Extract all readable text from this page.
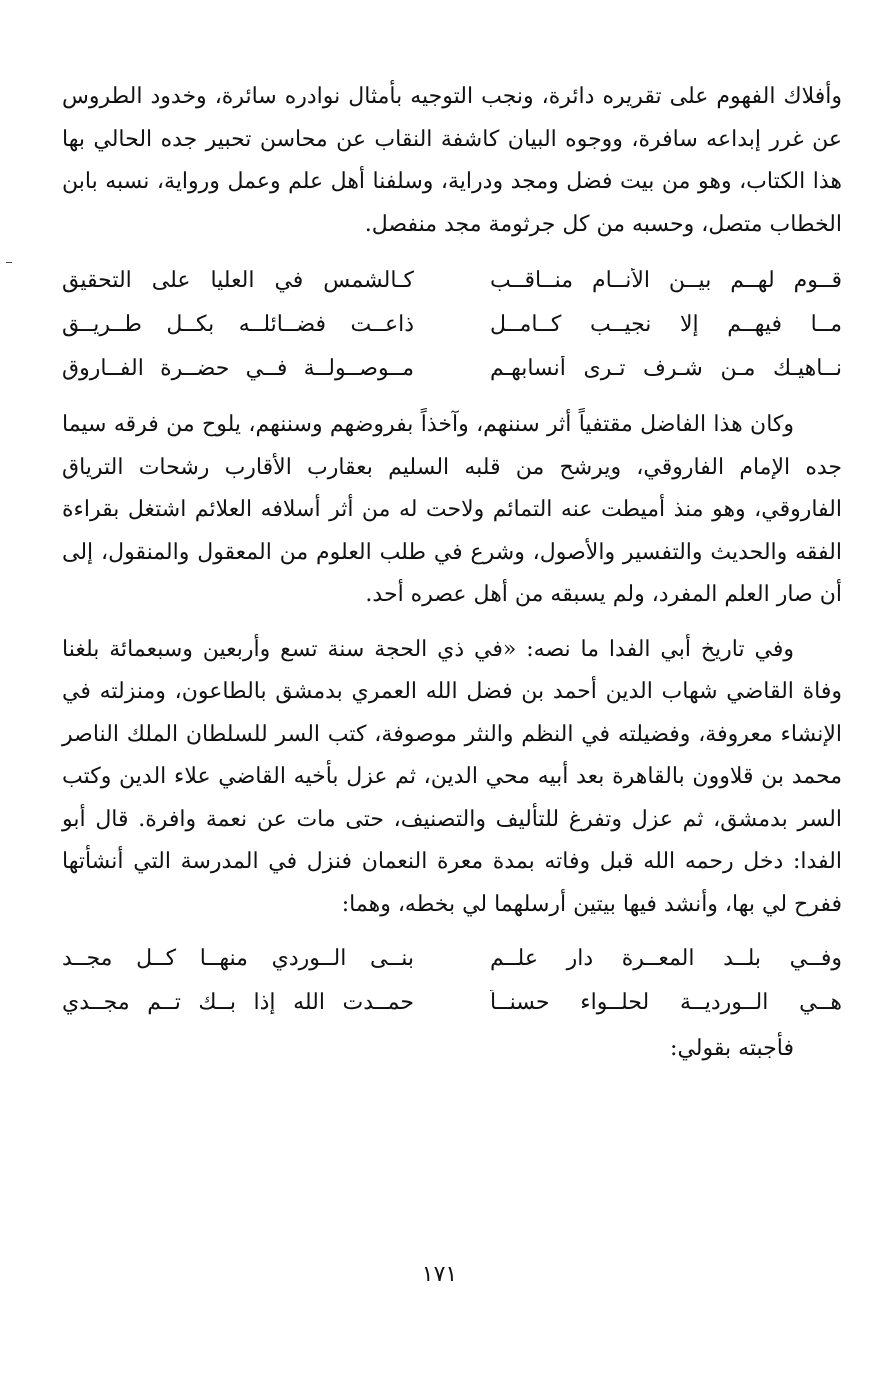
وأفلاك الفهوم على تقريره دائرة، ونجب التوجيه بأمثال نوادره سائرة، وخدود الطروس عن غرر إبداعه سافرة، ووجوه البيان كاشفة النقاب عن محاسن تحبير جده الحالي بها هذا الكتاب، وهو من بيت فضل ومجد ودراية، وسلفنا أهل علم وعمل ورواية، نسبه بابن الخطاب متصل، وحسبه من كل جرثومة مجد منفصل.

قــوم لهــم بيــن الأنــام منــاقــب
كـالشمس في العليا على التحقيق
مــا فيهــم إلا نجيــب كــامــل
ذاعــت فضــائلــه بكــل طــريــق
نــاهيـك مـن شـرف تـرى أنسابهـم
مــوصــولــة فــي حضــرة الفــاروق

وكان هذا الفاضل مقتفياً أثر سننهم، وآخذاً بفروضهم وسننهم، يلوح من فرقه سيما جده الإمام الفاروقي، ويرشح من قلبه السليم بعقارب الأقارب رشحات الترياق الفاروقي، وهو منذ أميطت عنه التمائم ولاحت له من أثر أسلافه العلائم اشتغل بقراءة الفقه والحديث والتفسير والأصول، وشرع في طلب العلوم من المعقول والمنقول، إلى أن صار العلم المفرد، ولم يسبقه من أهل عصره أحد.

وفي تاريخ أبي الفدا ما نصه: «في ذي الحجة سنة تسع وأربعين وسبعمائة بلغنا وفاة القاضي شهاب الدين أحمد بن فضل الله العمري بدمشق بالطاعون، ومنزلته في الإنشاء معروفة، وفضيلته في النظم والنثر موصوفة، كتب السر للسلطان الملك الناصر محمد بن قلاوون بالقاهرة بعد أبيه محي الدين، ثم عزل بأخيه القاضي علاء الدين وكتب السر بدمشق، ثم عزل وتفرغ للتأليف والتصنيف، حتى مات عن نعمة وافرة. قال أبو الفدا: دخل رحمه الله قبل وفاته بمدة معرة النعمان فنزل في المدرسة التي أنشأتها ففرح لي بها، وأنشد فيها بيتين أرسلهما لي بخطه، وهما:

وفــي بلــد المعــرة دار علــم
بنــى الــوردي منهــا كــل مجــد
هــي الــورديــة لحلــواء حسنــاً
حمــدت الله إذا بــك تــم مجــدي

فأجبته بقولي:

١٧١
